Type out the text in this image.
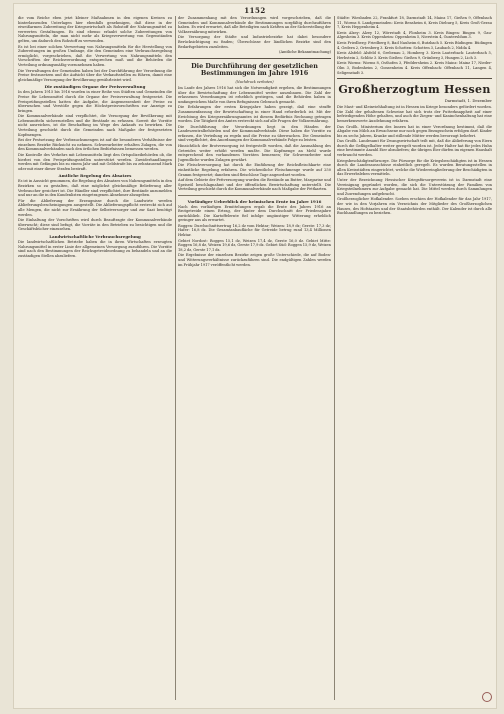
1152

die vom Reiche eben jetzt kleiner Maßnahmen in den eigenen Kreisen zu hinterlassenden Unterlagen hier ebenfalls genehmigen, daß diese in der eiweißarmen Zubereitung der Kriegswirtschaft als Rohstoff der Nahrungsmittel zu verwerten Gestaltungen. Es sind ebenso erlaubt solche Zubereitungen von Nahrungsmitteln, die man nicht mehr als Kriegsverwertung von Gegenständen gelten, um dadurch den Rohstoff zu verwenden.

Es ist bei einer solchen Verwertung von Nahrungsmitteln für die Herstellung von Zubereitungen im großen Umfange, die den Gemeinden eine Verbrauchsregelung ermöglicht, vorgeschrieben, daß die Verwertung von Nahrungsmitteln den Vorschriften der Reichsverordnung entsprechen muß und die Behörden die Verteilung ordnungsmäßig vorzunehmen haben.

Die Verwaltungen der Gemeinden haben bei der Durchführung der Verordnung die Preise festzusetzen und die Aufsicht über die Verkaufsstellen zu führen, damit eine gleichmäßige Versorgung der Bevölkerung gewährleistet wird.

Die zuständigen Organe der Preisverwaltung

In den Jahren 1915 bis 1916 wurden in einer Reihe von Städten und Gemeinden die Preise für Lebensmittel durch die Organe der Preisverwaltung festgesetzt. Die Preisprüfungsstellen hatten die Aufgabe, die Angemessenheit der Preise zu überwachen und Verstöße gegen die Höchstpreisvorschriften zur Anzeige zu bringen.

Die Kommunalverbände sind verpflichtet, die Versorgung der Bevölkerung mit Lebensmitteln sicherzustellen und die Bestände zu erfassen. Soweit die Vorräte nicht ausreichen, ist die Beschaffung im Wege des Ankaufs zu bewirken. Die Verteilung geschieht durch die Gemeinden nach Maßgabe der festgesetzten Kopfmengen.

Bei der Festsetzung der Verbrauchsmengen ist auf die besonderen Verhältnisse der einzelnen Bezirke Rücksicht zu nehmen. Schwerarbeiter erhalten Zulagen, die von den Kommunalverbänden nach den örtlichen Bedürfnissen bemessen werden.

Die Kontrolle des Verkehrs mit Lebensmitteln liegt den Ortspolizeibehörden ob, die hierbei von den Preisprüfungsstellen unterstützt werden. Zuwiderhandlungen werden mit Gefängnis bis zu einem Jahr und mit Geldstrafe bis zu zehntausend Mark oder mit einer dieser Strafen bestraft.

Amtliche Regelung des Absatzes

Es ist in Aussicht genommen, die Regelung des Absatzes von Nahrungsmitteln in den Bezirken so zu gestalten, daß eine möglichst gleichmäßige Belieferung aller Verbraucher gesichert ist. Die Händler sind verpflichtet, ihre Bestände anzumelden und nur an die in den Kundenlisten eingetragenen Abnehmer abzugeben.

Für die Ablieferung der Erzeugnisse durch die Landwirte werden Ablieferungsbescheinigungen ausgestellt. Die Ablieferungspflicht erstreckt sich auf alle Mengen, die nicht zur Ernährung der Selbstversorger und zur Saat benötigt werden.

Die Einhaltung der Vorschriften wird durch Beauftragte der Kommunalverbände überwacht; diese sind befugt, die Vorräte in den Betrieben zu besichtigen und die Geschäftsbücher einzusehen.

Landwirtschaftliche Verbrauchsregelung

Die landwirtschaftlichen Betriebe haben die in ihren Wirtschaften erzeugten Nahrungsmittel in erster Linie der allgemeinen Versorgung zuzuführen. Die Vorräte sind nach den Bestimmungen der Reichsgetreideordnung zu behandeln und an die zuständigen Stellen abzuliefern.

der Zusammenhang mit den Verordnungen wird vorgeschrieben, daß die Gemeinden und Kommunalverbände die Bestimmungen sorgfältig durchzuführen haben. Es wird erwartet, daß alle Beteiligten nach Kräften an der Sicherstellung der Volksernährung mitwirken.

Die Versorgung der Städte und Industriebezirke hat dabei besondere Berücksichtigung zu finden; Überschüsse der ländlichen Bezirke sind den Bedarfsgebieten zuzuleiten.

(Amtliche Bekanntmachung)

Die Durchführung der gesetzlichen Bestimmungen im Jahre 1916
(Nachdruck verboten)

Im Laufe des Jahres 1916 hat sich die Notwendigkeit ergeben, die Bestimmungen über die Bewirtschaftung der Lebensmittel weiter auszubauen. Die Zahl der erlassenen Verordnungen ist erheblich gestiegen, und die Behörden haben in umfangreichem Maße von ihren Befugnissen Gebrauch gemacht.

Die Erfahrungen der ersten Kriegsjahre haben gezeigt, daß eine straffe Zusammenfassung der Bewirtschaftung in einer Hand erforderlich ist. Mit der Errichtung des Kriegsernährungsamtes ist diesem Bedürfnis Rechnung getragen worden. Die Tätigkeit des Amtes erstreckt sich auf alle Fragen der Volksernährung.

Die Durchführung der Verordnungen liegt in den Händen der Landeszentralbehörden und der Kommunalverbände. Diese haben die Vorräte zu erfassen, die Verteilung zu regeln und die Preise zu überwachen. Die Gemeinden sind verpflichtet, den Anordnungen der Kommunalverbände Folge zu leisten.

Hinsichtlich der Brotversorgung ist festgestellt worden, daß die Ausmahlung des Getreides weiter erhöht werden mußte. Die Kopfmenge an Mehl wurde entsprechend den vorhandenen Vorräten bemessen; für Schwerarbeiter und Jugendliche wurden Zulagen gewährt.

Die Fleischversorgung hat durch die Einführung der Reichsfleischkarte eine einheitliche Regelung erfahren. Die wöchentliche Fleischmenge wurde auf 250 Gramm festgesetzt; daneben sind fleischlose Tage angeordnet worden.

Auf dem Gebiete der Fettversorgung wurden die Bestände an Butter, Margarine und Speiseöl beschlagnahmt und der öffentlichen Bewirtschaftung unterstellt. Die Verteilung geschieht durch die Kommunalverbände nach Maßgabe der Fettkarten.

Vorläufiger Ueberblick der heimischen Ernte im Jahre 1916

Nach den vorläufigen Ermittelungen ergab die Ernte des Jahres 1916 an Brotgetreide einen Ertrag, der hinter dem Durchschnitt der Friedensjahre zurückblieb. Die Kartoffelernte fiel infolge ungünstiger Witterung erheblich geringer aus als erwartet.

Roggen: Durchschnittsertrag 16,2 dz vom Hektar; Weizen: 18,9 dz; Gerste: 17,3 dz; Hafer: 16,8 dz. Die Gesamtanbaufläche für Getreide betrug rund 13,4 Millionen Hektar.

Gebiet Nordost: Roggen 15,1 dz, Weizen 17,4 dz, Gerste 16,0 dz. Gebiet Mitte: Roggen 16,8 dz, Weizen 19,6 dz, Gerste 17,9 dz. Gebiet Süd: Roggen 15,9 dz, Weizen 18,2 dz, Gerste 17,1 dz.

Die Ergebnisse der einzelnen Bezirke zeigen große Unterschiede, die auf Boden- und Witterungsverhältnisse zurückzuführen sind. Die endgültigen Zahlen werden im Frühjahr 1917 veröffentlicht werden.

Städte: Wiesbaden 22, Frankfurt 18, Darmstadt 14, Mainz 17, Gießen 9, Offenbach 11, Worms 8. Landgemeinden: Kreis Bensheim 6, Kreis Dieburg 5, Kreis Groß-Gerau 7, Kreis Heppenheim 4.

Kreis Alzey: Alzey 12, Wörrstadt 4, Flonheim 3. Kreis Bingen: Bingen 9, Gau-Algesheim 3. Kreis Oppenheim: Oppenheim 5, Nierstein 4, Guntersblum 3.

Kreis Friedberg: Friedberg 8, Bad Nauheim 6, Butzbach 5. Kreis Büdingen: Büdingen 4, Gedern 2, Ortenberg 3. Kreis Schotten: Schotten 3, Laubach 2, Nidda 4.

Kreis Alsfeld: Alsfeld 6, Grebenau 2, Homberg 3. Kreis Lauterbach: Lauterbach 5, Herbstein 2, Schlitz 3. Kreis Gießen: Gießen 9, Grünberg 3, Hungen 2, Lich 3.

Kreis Worms: Worms 8, Osthofen 3, Pfeddersheim 2. Kreis Mainz: Mainz 17, Nieder-Olm 3, Bodenheim 2, Gonsenheim 4. Kreis Offenbach: Offenbach 11, Langen 4, Seligenstadt 3.

Großherzogtum Hessen
Darmstadt, 1. Dezember

Die Mast- und Kleinviehhaltung ist in Hessen im Kriege besonders gefördert worden. Die Zahl der gehaltenen Schweine hat sich trotz der Futterknappheit auf einer befriedigenden Höhe gehalten, und auch die Ziegen- und Kaninchenhaltung hat eine bemerkenswerte Ausdehnung erfahren.

Das Großh. Ministerium des Innern hat in einer Verordnung bestimmt, daß die Abgabe von Milch an Erwachsene nur noch gegen Bezugsschein erfolgen darf. Kinder bis zu sechs Jahren, Kranke und stillende Mütter werden bevorzugt beliefert.

Das Großh. Landesamt für Zwangswirtschaft teilt mit, daß die Ablieferung von Eiern durch die Geflügelhalter weiter geregelt worden ist. Jeder Halter hat für jedes Huhn eine bestimmte Anzahl Eier abzuliefern; die übrigen Eier dürfen im eigenen Haushalt verbraucht werden.

Kriegsbeschädigtenfürsorge. Die Fürsorge für die Kriegsbeschädigten ist in Hessen durch die Landesausschüsse einheitlich geregelt. Es wurden Beratungsstellen in allen Kreisstädten eingerichtet, welche die Wiedereingliederung der Beschädigten in das Erwerbsleben vermitteln.

Unter der Bezeichnung Hessischer Kriegsfürsorgeverein ist in Darmstadt eine Vereinigung gegründet worden, die sich die Unterstützung der Familien von Kriegsteilnehmern zur Aufgabe gemacht hat. Die Mittel werden durch Sammlungen und Zuwendungen aufgebracht.

Großherzoglicher Hofkalender. Soeben erschien der Hofkalender für das Jahr 1917, der wie in den Vorjahren ein Verzeichnis der Mitglieder des Großherzoglichen Hauses, des Hofstaates und der Staatsbehörden enthält. Der Kalender ist durch alle Buchhandlungen zu beziehen.
